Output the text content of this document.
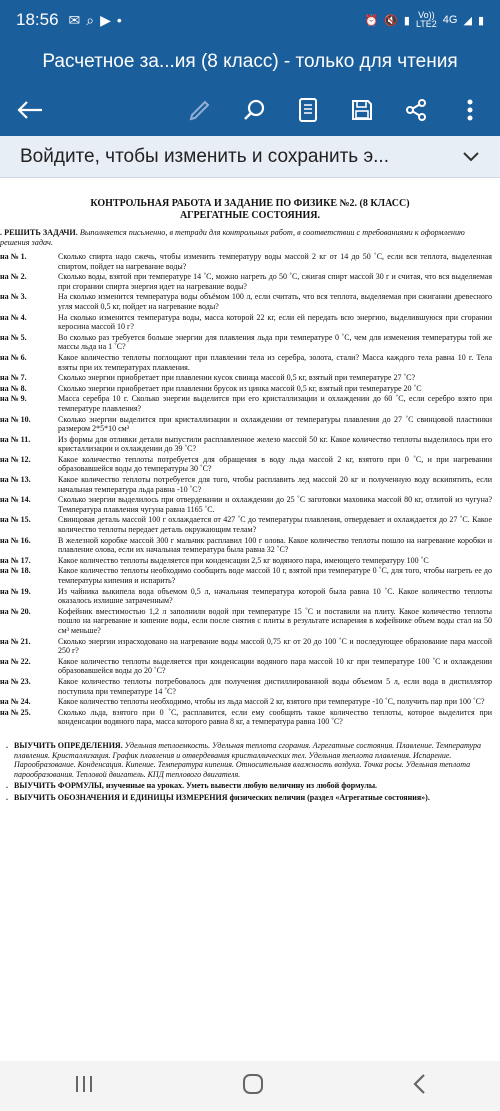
18:56 ✉⌕▶•	⏰ 🔇 ▮ Vo))
LTE2 4G ◢ ▮
Расчетное за...ия (8 класс) - только для чтения
Войдите, чтобы изменить и сохранить э...
КОНТРОЛЬНАЯ РАБОТА И ЗАДАНИЕ ПО ФИЗИКЕ №2. (8 КЛАСС)
АГРЕГАТНЫЕ СОСТОЯНИЯ.
. РЕШИТЬ ЗАДАЧИ. Выполняется письменно, в тетради для контрольных работ, в соответствии с требованиями к оформлению решения задач.
на № 1.	Сколько спирта надо сжечь, чтобы изменить температуру воды массой 2 кг от 14 до 50 ˚С, если вся теплота, выделенная спиртом, пойдет на нагревание воды?
на № 2.	Сколько воды, взятой при температуре 14 ˚С, можно нагреть до 50 ˚С, сжигая спирт массой 30 г и считая, что вся выделяемая при сгорании спирта энергия идет на нагревание воды?
на № 3.	На сколько изменится температура воды объёмом 100 л, если считать, что вся теплота, выделяемая при сжигании древесного угля массой 0,5 кг, пойдет на нагревание воды?
на № 4.	На сколько изменится температура воды, масса которой 22 кг, если ей передать всю энергию, выделившуюся при сгорании керосина массой 10 г?
на № 5.	Во сколько раз требуется больше энергии для плавления льда при температуре 0 ˚С, чем для изменения температуры той же массы льда на 1 ˚С?
на № 6.	Какое количество теплоты поглощают при плавлении тела из серебра, золота, стали? Масса каждого тела равна 10 г. Тела взяты при их температурах плавления.
на № 7.	Сколько энергии приобретает при плавлении кусок свинца массой 0,5 кг, взятый при температуре 27 ˚С?
на № 8.	Сколько энергии приобретает при плавлении брусок из цинка массой 0,5 кг, взятый при температуре 20 ˚С
на № 9.	Масса серебра 10 г. Сколько энергии выделится при его кристаллизации и охлаждении до 60 ˚С, если серебро взято при температуре плавления?
на № 10.	Сколько энергии выделится при кристаллизации и охлаждении от температуры плавления до 27 ˚С свинцовой пластинки размером 2*5*10 см³
на № 11.	Из формы для отливки детали выпустили расплавленное железо массой 50 кг. Какое количество теплоты выделилось при его кристаллизации и охлаждении до 39 ˚С?
на № 12.	Какое количество теплоты потребуется для обращения в воду льда массой 2 кг, взятого при 0 ˚С, и при нагревании образовавшейся воды до температуры 30 ˚С?
на № 13.	Какое количество теплоты потребуется для того, чтобы расплавить лед массой 20 кг и полученную воду вскипятить, если начальная температура льда равна -10 ˚С?
на № 14.	Сколько энергии выделилось при отвердевании и охлаждении до 25 ˚С заготовки маховика массой 80 кг, отлитой из чугуна? Температура плавления чугуна равна 1165 ˚С.
на № 15.	Свинцовая деталь массой 100 г охлаждается от 427 ˚С до температуры плавления, отвердевает и охлаждается до 27 ˚С. Какое количество теплоты передает деталь окружающим телам?
на № 16.	В железной коробке массой 300 г мальчик расплавил 100 г олова. Какое количество теплоты пошло на нагревание коробки и плавление олова, если их начальная температура была равна 32 ˚С?
на № 17.	Какое количество теплоты выделяется при конденсации 2,5 кг водяного пара, имеющего температуру 100 ˚С
на № 18.	Какое количество теплоты необходимо сообщить воде массой 10 г, взятой при температуре 0 ˚С, для того, чтобы нагреть ее до температуры кипения и испарить?
на № 19.	Из чайника выкипела вода объемом 0,5 л, начальная температура которой была равна 10 ˚С. Какое количество теплоты оказалось излишне затраченным?
на № 20.	Кофейник вместимостью 1,2 л заполнили водой при температуре 15 ˚С и поставили на плиту. Какое количество теплоты пошло на нагревание и кипение воды, если после снятия с плиты в результате испарения в кофейнике объем воды стал на 50 см³ меньше?
на № 21.	Сколько энергии израсходовано на нагревание воды массой 0,75 кг от 20 до 100 ˚С и последующее образование пара массой 250 г?
на № 22.	Какое количество теплоты выделяется при конденсации водяного пара массой 10 кг при температуре 100 ˚С и охлаждении образовавшейся воды до 20 ˚С?
на № 23.	Какое количество теплоты потребовалось для получения дистиллированной воды объемом 5 л, если вода в дистиллятор поступила при температуре 14 ˚С?
на № 24.	Какое количество теплоты необходимо, чтобы из льда массой 2 кг, взятого при температуре -10 ˚С, получить пар при 100 ˚С?
на № 25.	Сколько льда, взятого при 0 ˚С, расплавится, если ему сообщить такое количество теплоты, которое выделится при конденсации водяного пара, масса которого равна 8 кг, а температура равна 100 ˚С?
. ВЫУЧИТЬ ОПРЕДЕЛЕНИЯ. Удельная теплоемкость. Удельная теплота сгорания. Агрегатные состояния. Плавление. Температура плавления. Кристаллизация. График плавления и отвердевания кристаллических тел. Удельная теплота плавления. Испарение. Парообразование. Конденсация. Кипение. Температура кипения. Относительная влажность воздуха. Точка росы. Удельная теплота парообразования. Тепловой двигатель. КПД теплового двигателя.
. ВЫУЧИТЬ ФОРМУЛЫ, изученные на уроках. Уметь вывести любую величину из любой формулы.
. ВЫУЧИТЬ ОБОЗНАЧЕНИЯ И ЕДИНИЦЫ ИЗМЕРЕНИЯ физических величин (раздел «Агрегатные состояния»).
